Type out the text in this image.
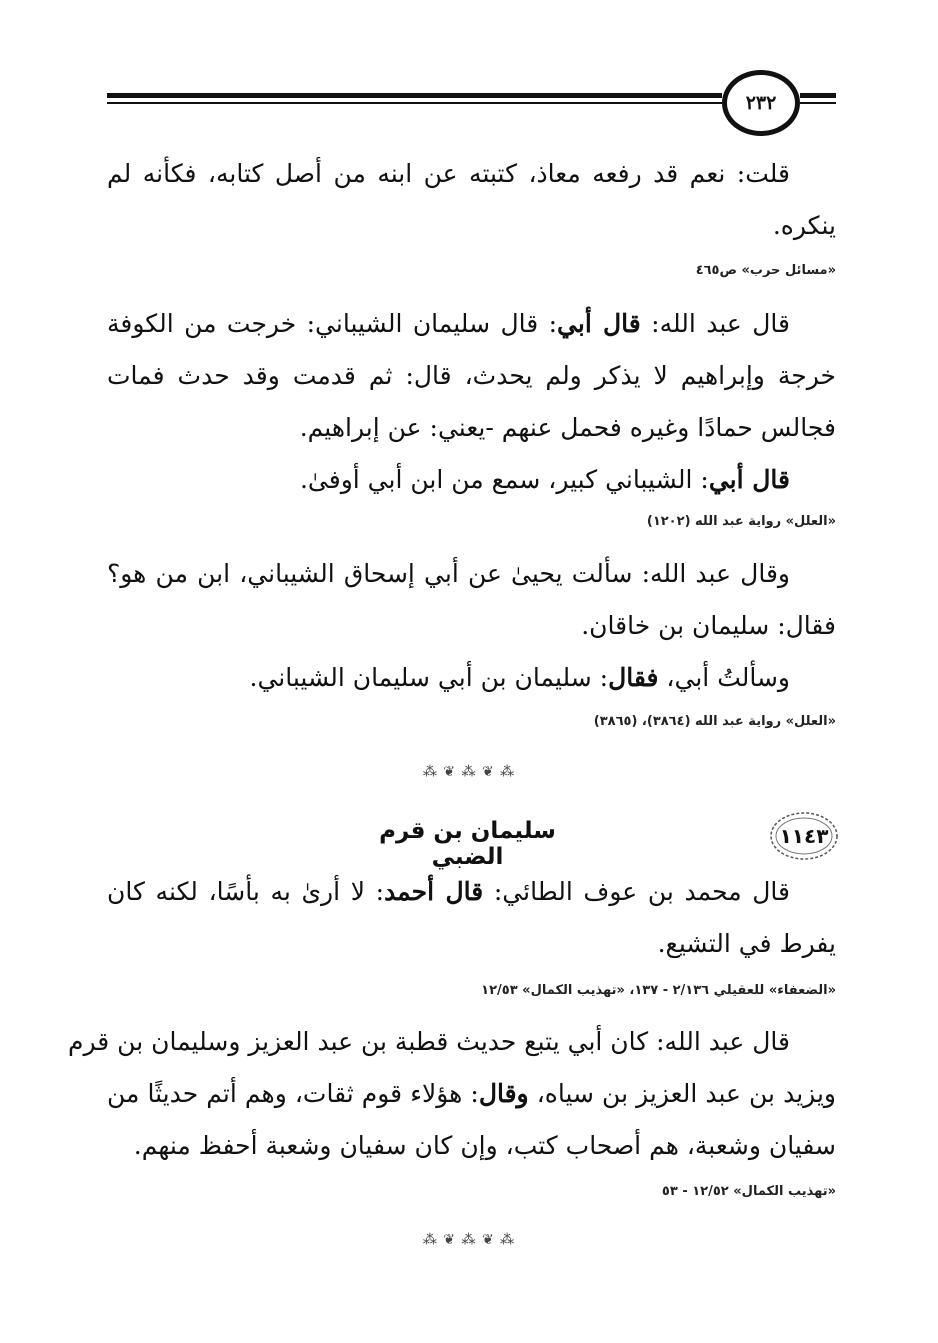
٢٣٢
قلت: نعم قد رفعه معاذ، كتبته عن ابنه من أصل كتابه، فكأنه لم
ينكره.
«مسائل حرب» ص٤٦٥
قال عبد الله: قال أبي: قال سليمان الشيباني: خرجت من الكوفة
خرجة وإبراهيم لا يذكر ولم يحدث، قال: ثم قدمت وقد حدث فمات
فجالس حمادًا وغيره فحمل عنهم -يعني: عن إبراهيم.
قال أبي: الشيباني كبير، سمع من ابن أبي أوفىٰ.
«العلل» رواية عبد الله (١٢٠٢)
وقال عبد الله: سألت يحيىٰ عن أبي إسحاق الشيباني، ابن من هو؟
فقال: سليمان بن خاقان.
وسألتُ أبي، فقال: سليمان بن أبي سليمان الشيباني.
«العلل» رواية عبد الله (٣٨٦٤)، (٣٨٦٥)
⁂ ❦ ⁂ ❦ ⁂
١١٤٣
سليمان بن قرم الضبي
قال محمد بن عوف الطائي: قال أحمد: لا أرىٰ به بأسًا، لكنه كان
يفرط في التشيع.
«الضعفاء» للعقيلي ٢/١٣٦ - ١٣٧، «تهذيب الكمال» ١٢/٥٣
قال عبد الله: كان أبي يتبع حديث قطبة بن عبد العزيز وسليمان بن قرم
ويزيد بن عبد العزيز بن سياه، وقال: هؤلاء قوم ثقات، وهم أتم حديثًا من
سفيان وشعبة، هم أصحاب كتب، وإن كان سفيان وشعبة أحفظ منهم.
«تهذيب الكمال» ١٢/٥٢ - ٥٣
⁂ ❦ ⁂ ❦ ⁂
